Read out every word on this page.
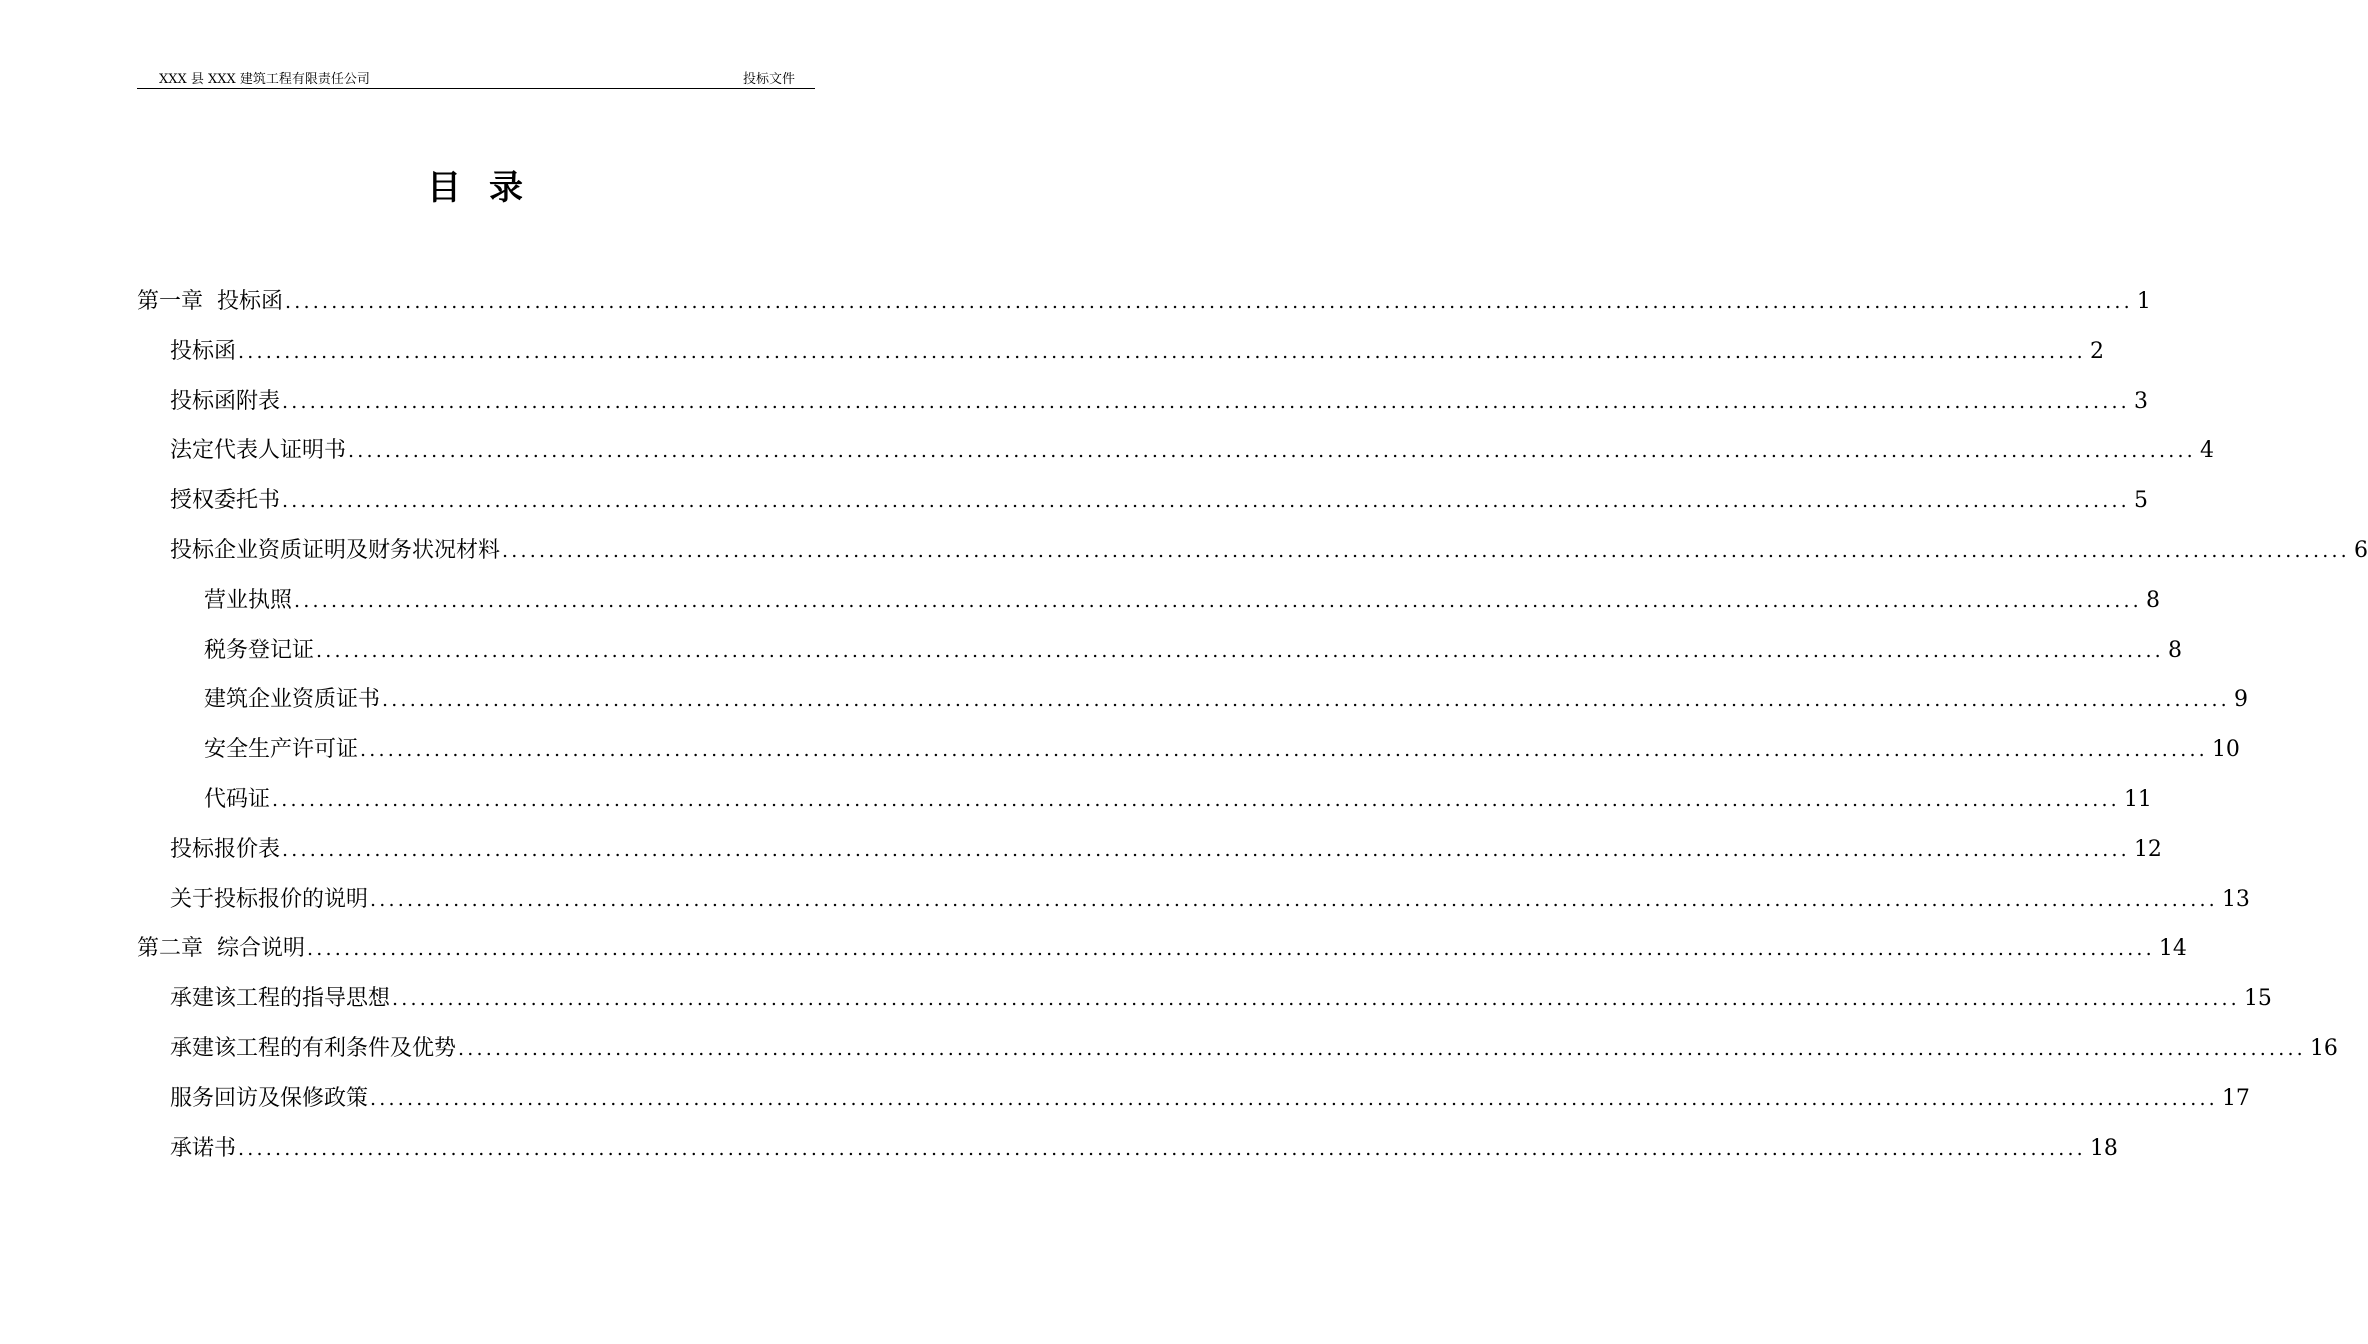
XXX 县 XXX 建筑工程有限责任公司	投标文件
目录
第一章  投标函 ........................................................................................................................................................................................................ 1
投标函 ........................................................................................................................................................................................................ 2
投标函附表 ........................................................................................................................................................................................................ 3
法定代表人证明书 ........................................................................................................................................................................................................ 4
授权委托书 ........................................................................................................................................................................................................ 5
投标企业资质证明及财务状况材料 ........................................................................................................................................................................................................ 6
营业执照 ........................................................................................................................................................................................................ 8
税务登记证 ........................................................................................................................................................................................................ 8
建筑企业资质证书 ........................................................................................................................................................................................................ 9
安全生产许可证 ........................................................................................................................................................................................................ 10
代码证 ........................................................................................................................................................................................................ 11
投标报价表 ........................................................................................................................................................................................................ 12
关于投标报价的说明 ........................................................................................................................................................................................................ 13
第二章  综合说明 ........................................................................................................................................................................................................ 14
承建该工程的指导思想 ........................................................................................................................................................................................................ 15
承建该工程的有利条件及优势 ........................................................................................................................................................................................................ 16
服务回访及保修政策 ........................................................................................................................................................................................................ 17
承诺书 ........................................................................................................................................................................................................ 18
